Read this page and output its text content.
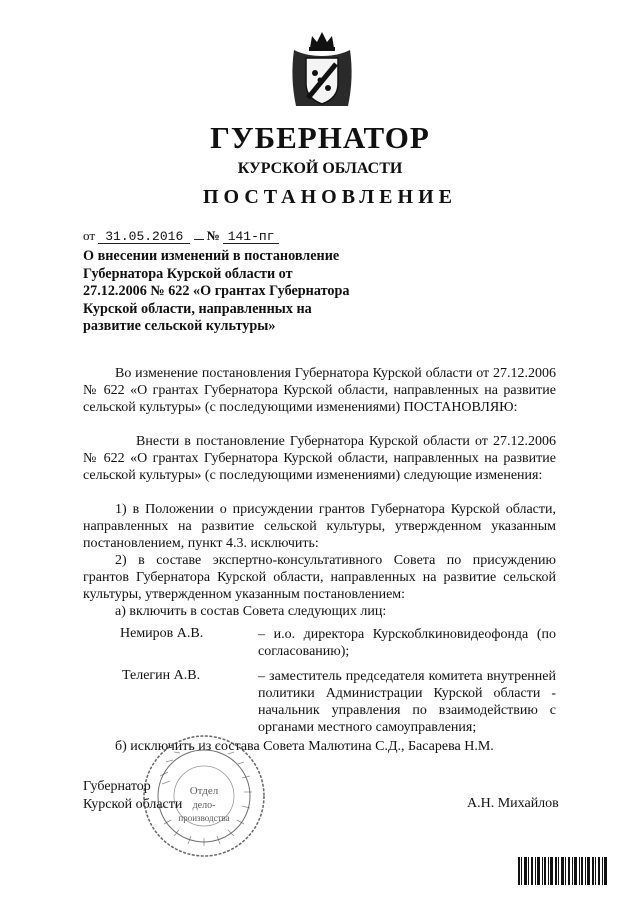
ГУБЕРНАТОР
КУРСКОЙ ОБЛАСТИ
ПОСТАНОВЛЕНИЕ
от 31.05.2016 № 141-пг
О внесении изменений в постановление Губернатора Курской области от 27.12.2006 № 622 «О грантах Губернатора Курской области, направленных на развитие сельской культуры»
Во изменение постановления Губернатора Курской области от 27.12.2006 № 622 «О грантах Губернатора Курской области, направленных на развитие сельской культуры» (с последующими изменениями) ПОСТАНОВЛЯЮ:
Внести в постановление Губернатора Курской области от 27.12.2006 № 622 «О грантах Губернатора Курской области, направленных на развитие сельской культуры» (с последующими изменениями) следующие изменения:
1) в Положении о присуждении грантов Губернатора Курской области, направленных на развитие сельской культуры, утвержденном указанным постановлением, пункт 4.3. исключить:
2) в составе экспертно-консультативного Совета по присуждению грантов Губернатора Курской области, направленных на развитие сельской культуры, утвержденном указанным постановлением:
а) включить в состав Совета следующих лиц:
Немиров А.В.	– и.о. директора Курскоблкиновидеофонда (по согласованию);
Телегин А.В.	– заместитель председателя комитета внутренней политики Администрации Курской области - начальник управления по взаимодействию с органами местного самоуправления;
б) исключить из состава Совета Малютина С.Д., Басарева Н.М.
Губернатор
Курской области	А.Н. Михайлов
Отдел
дело-
производства
